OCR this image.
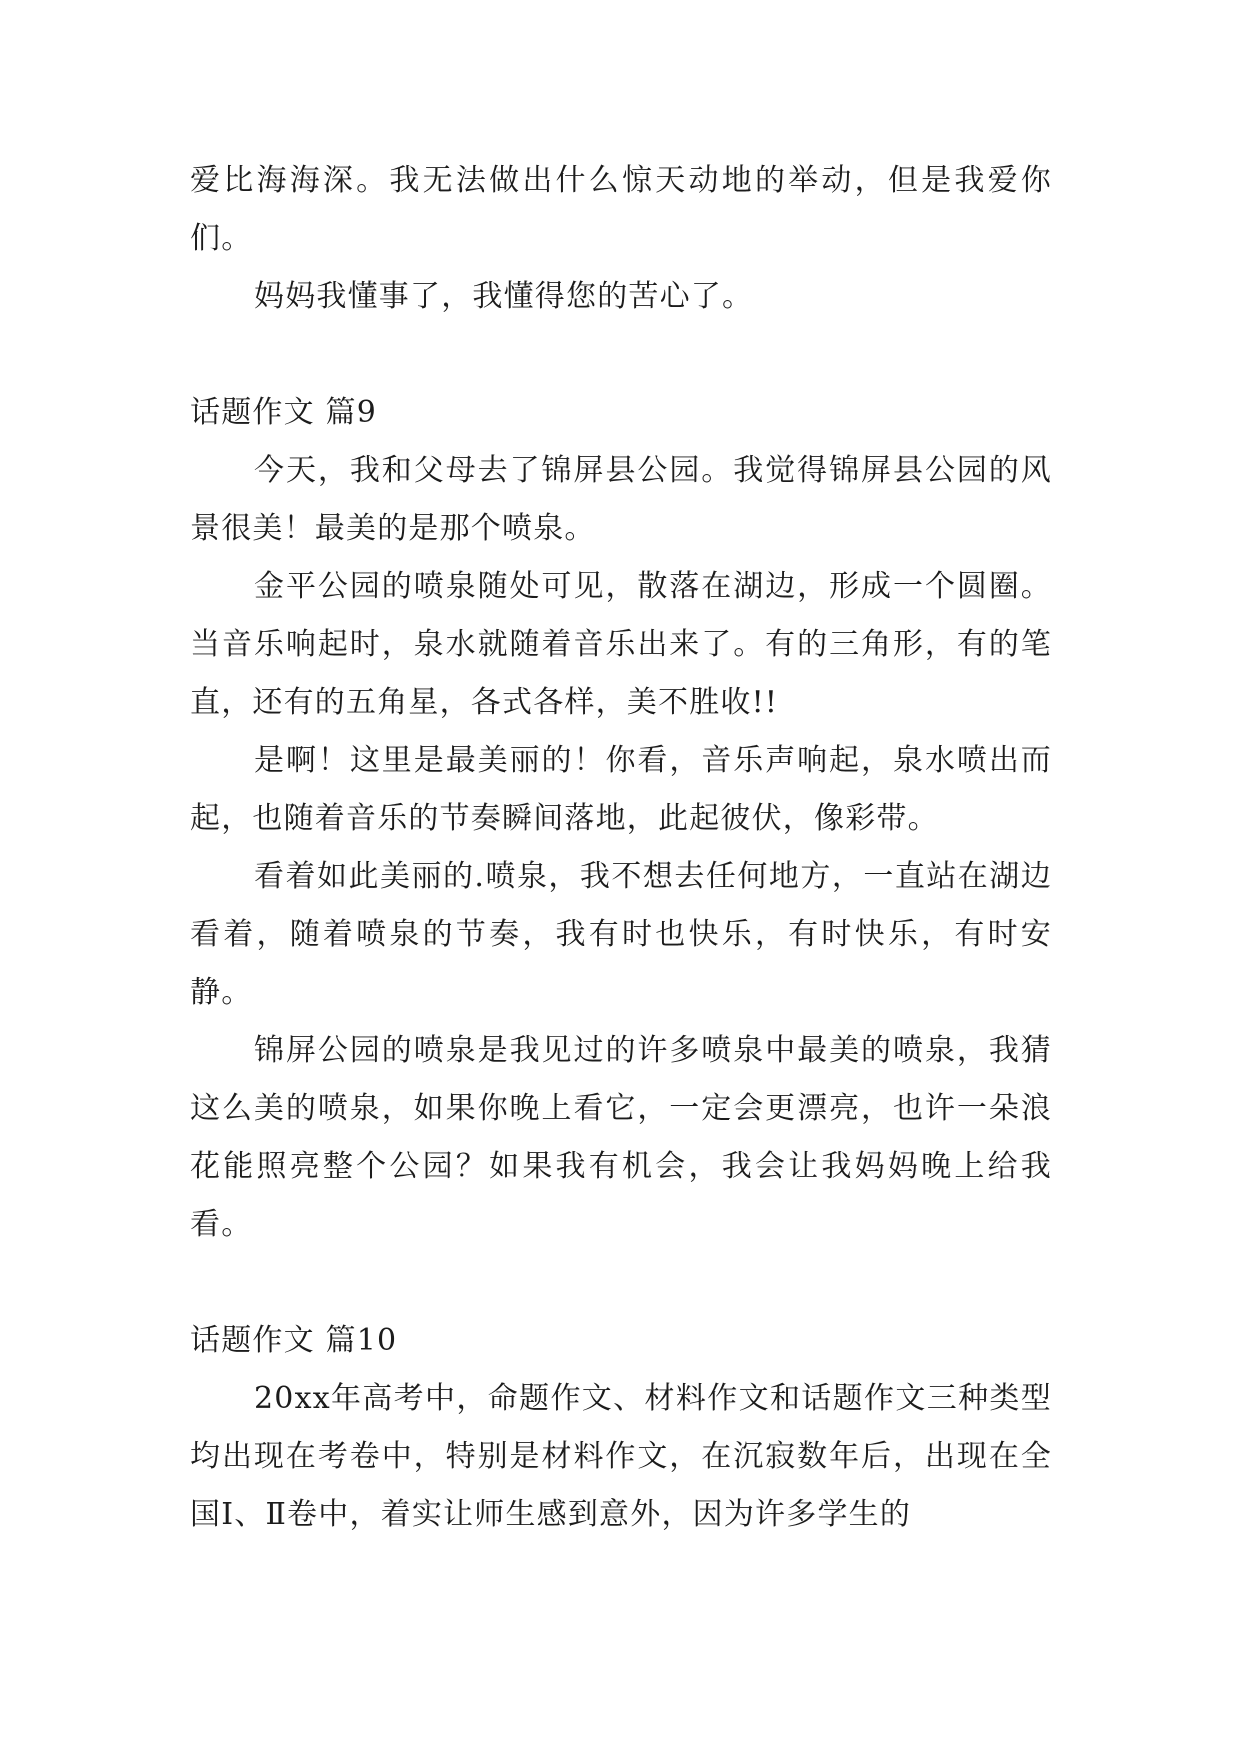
爱比海海深。我无法做出什么惊天动地的举动，但是我爱你们。

妈妈我懂事了，我懂得您的苦心了。

话题作文 篇9

今天，我和父母去了锦屏县公园。我觉得锦屏县公园的风景很美！最美的是那个喷泉。

金平公园的喷泉随处可见，散落在湖边，形成一个圆圈。当音乐响起时，泉水就随着音乐出来了。有的三角形，有的笔直，还有的五角星，各式各样，美不胜收!!

是啊！这里是最美丽的！你看，音乐声响起，泉水喷出而起，也随着音乐的节奏瞬间落地，此起彼伏，像彩带。

看着如此美丽的.喷泉，我不想去任何地方，一直站在湖边看着，随着喷泉的节奏，我有时也快乐，有时快乐，有时安静。

锦屏公园的喷泉是我见过的许多喷泉中最美的喷泉，我猜这么美的喷泉，如果你晚上看它，一定会更漂亮，也许一朵浪花能照亮整个公园？如果我有机会，我会让我妈妈晚上给我看。

话题作文 篇10

20xx年高考中，命题作文、材料作文和话题作文三种类型均出现在考卷中，特别是材料作文，在沉寂数年后，出现在全国Ⅰ、Ⅱ卷中，着实让师生感到意外，因为许多学生的
